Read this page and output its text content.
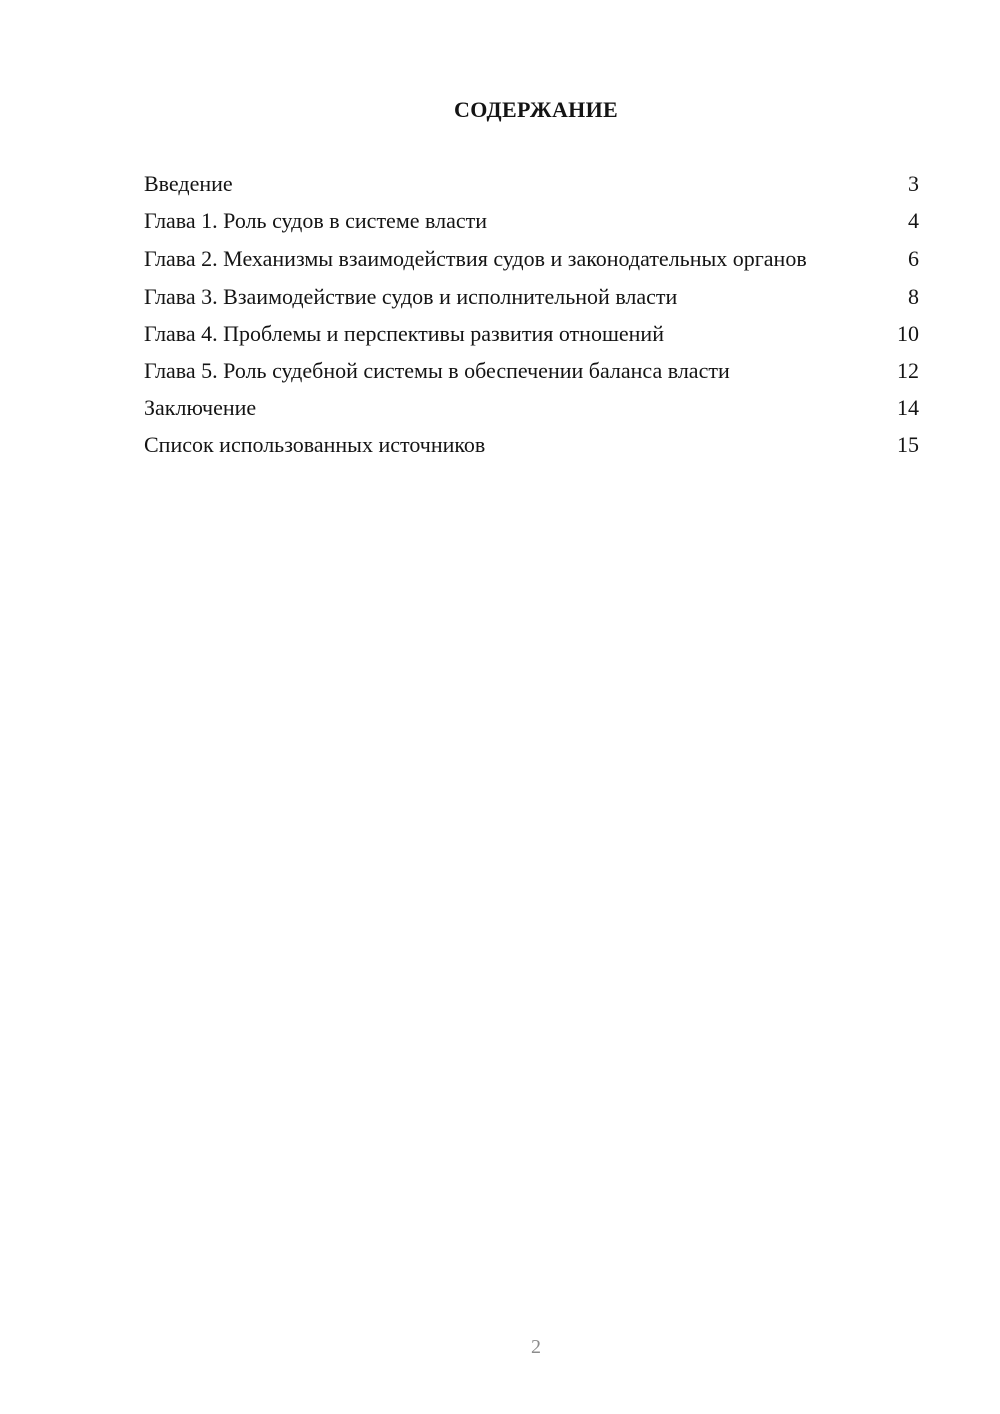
СОДЕРЖАНИЕ
Введение	3
Глава 1. Роль судов в системе власти	4
Глава 2. Механизмы взаимодействия судов и законодательных органов	6
Глава 3. Взаимодействие судов и исполнительной власти	8
Глава 4. Проблемы и перспективы развития отношений	10
Глава 5. Роль судебной системы в обеспечении баланса власти	12
Заключение	14
Список использованных источников	15
2
